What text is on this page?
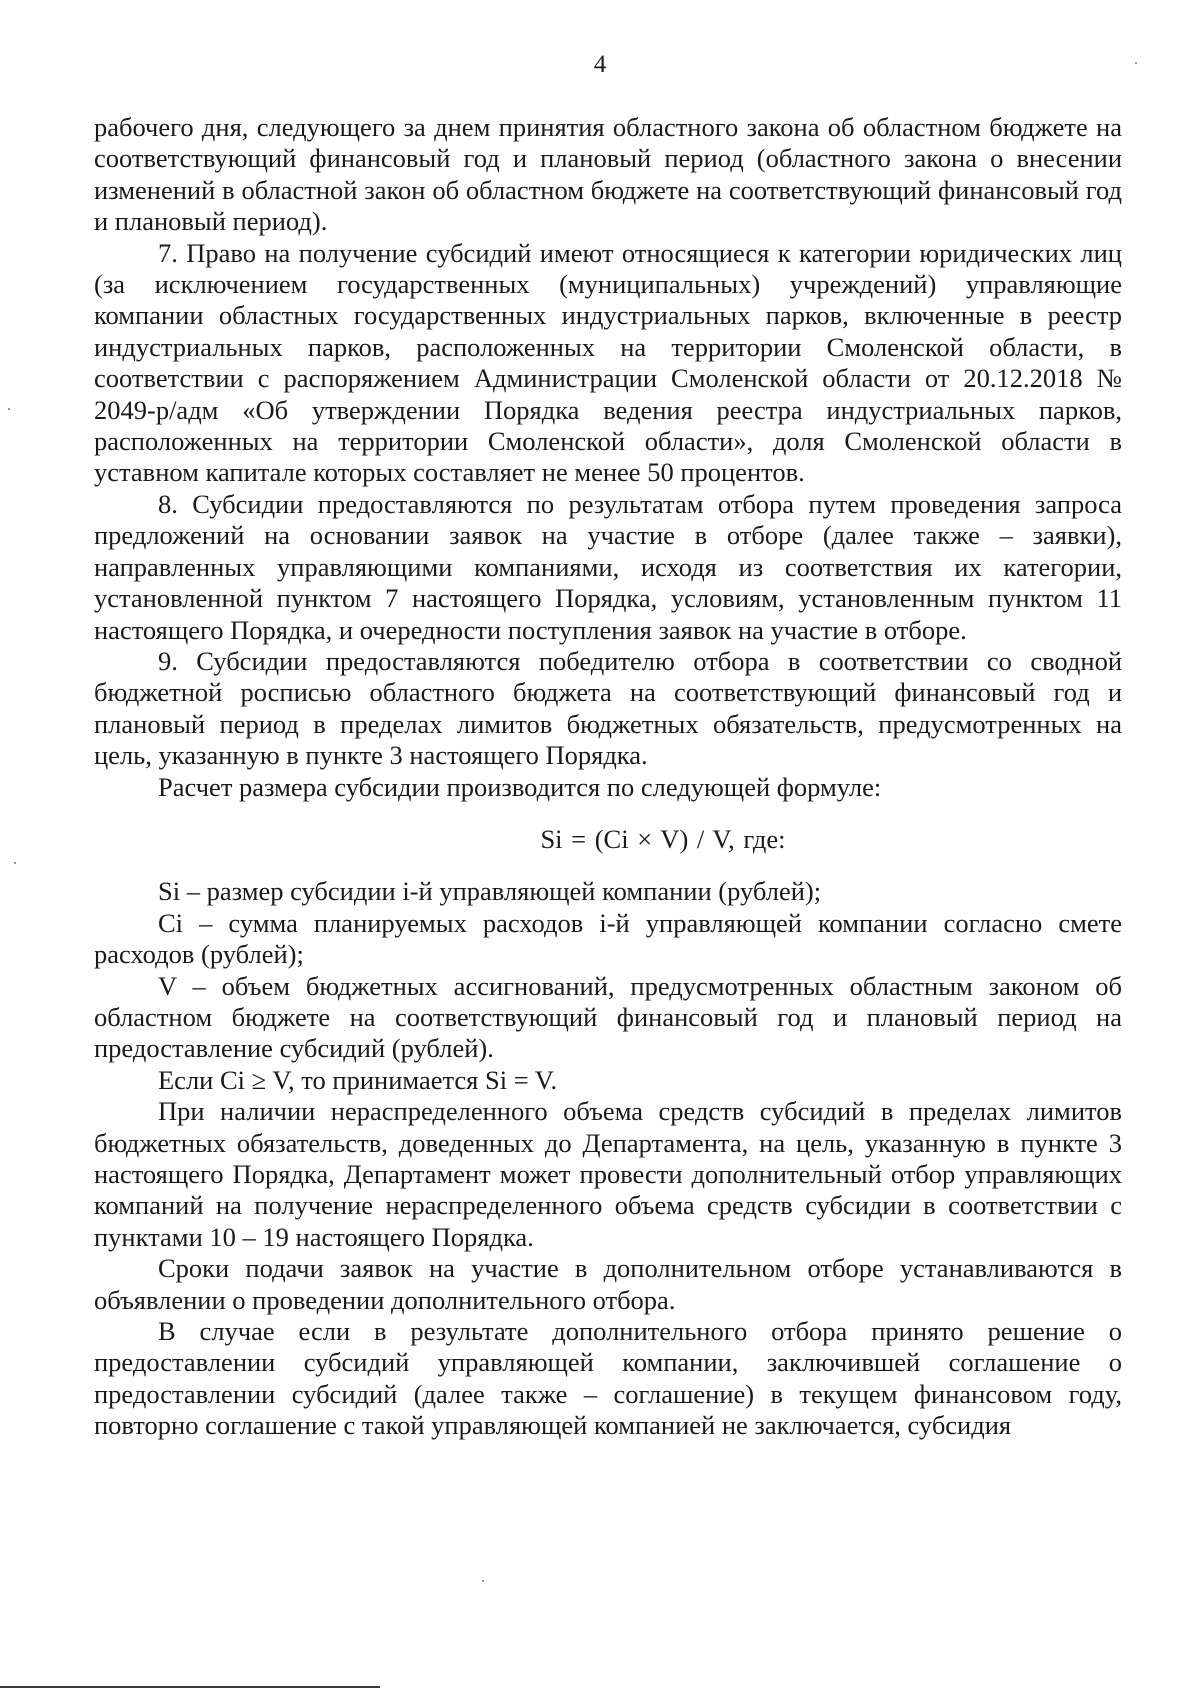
4

рабочего дня, следующего за днем принятия областного закона об областном бюджете на соответствующий финансовый год и плановый период (областного закона о внесении изменений в областной закон об областном бюджете на соответствующий финансовый год и плановый период).

7. Право на получение субсидий имеют относящиеся к категории юридических лиц (за исключением государственных (муниципальных) учреждений) управляющие компании областных государственных индустриальных парков, включенные в реестр индустриальных парков, расположенных на территории Смоленской области, в соответствии с распоряжением Администрации Смоленской области от 20.12.2018 № 2049-р/адм «Об утверждении Порядка ведения реестра индустриальных парков, расположенных на территории Смоленской области», доля Смоленской области в уставном капитале которых составляет не менее 50 процентов.

8. Субсидии предоставляются по результатам отбора путем проведения запроса предложений на основании заявок на участие в отборе (далее также – заявки), направленных управляющими компаниями, исходя из соответствия их категории, установленной пунктом 7 настоящего Порядка, условиям, установленным пунктом 11 настоящего Порядка, и очередности поступления заявок на участие в отборе.

9. Субсидии предоставляются победителю отбора в соответствии со сводной бюджетной росписью областного бюджета на соответствующий финансовый год и плановый период в пределах лимитов бюджетных обязательств, предусмотренных на цель, указанную в пункте 3 настоящего Порядка.

Расчет размера субсидии производится по следующей формуле:

Si = (Ci × V) / V, где:

Si – размер субсидии i-й управляющей компании (рублей);

Ci – сумма планируемых расходов i-й управляющей компании согласно смете расходов (рублей);

V – объем бюджетных ассигнований, предусмотренных областным законом об областном бюджете на соответствующий финансовый год и плановый период на предоставление субсидий (рублей).

Если Ci ≥ V, то принимается Si = V.

При наличии нераспределенного объема средств субсидий в пределах лимитов бюджетных обязательств, доведенных до Департамента, на цель, указанную в пункте 3 настоящего Порядка, Департамент может провести дополнительный отбор управляющих компаний на получение нераспределенного объема средств субсидии в соответствии с пунктами 10 – 19 настоящего Порядка.

Сроки подачи заявок на участие в дополнительном отборе устанавливаются в объявлении о проведении дополнительного отбора.

В случае если в результате дополнительного отбора принято решение о предоставлении субсидий управляющей компании, заключившей соглашение о предоставлении субсидий (далее также – соглашение) в текущем финансовом году, повторно соглашение с такой управляющей компанией не заключается, субсидия
